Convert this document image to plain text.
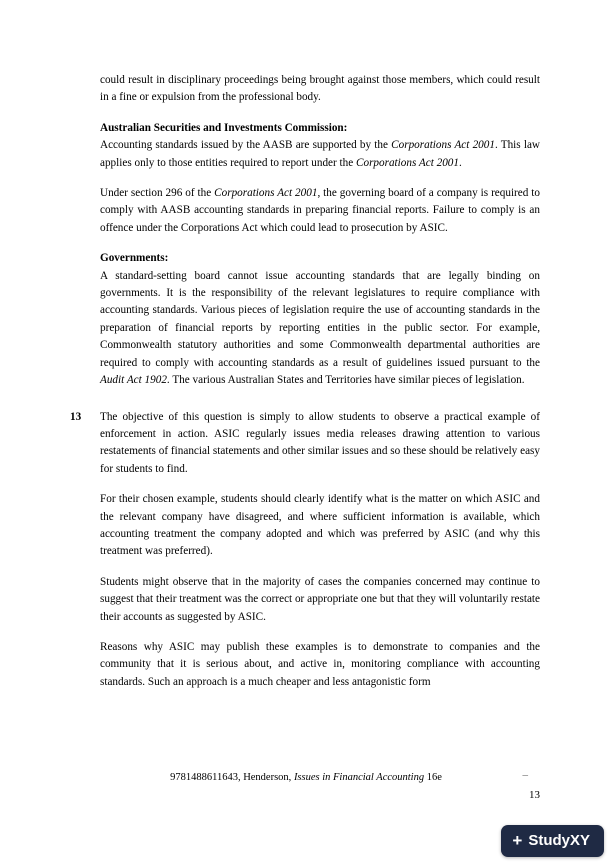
could result in disciplinary proceedings being brought against those members, which could result in a fine or expulsion from the professional body.

Australian Securities and Investments Commission:

Accounting standards issued by the AASB are supported by the Corporations Act 2001. This law applies only to those entities required to report under the Corporations Act 2001.

Under section 296 of the Corporations Act 2001, the governing board of a company is required to comply with AASB accounting standards in preparing financial reports. Failure to comply is an offence under the Corporations Act which could lead to prosecution by ASIC.

Governments:

A standard-setting board cannot issue accounting standards that are legally binding on governments. It is the responsibility of the relevant legislatures to require compliance with accounting standards. Various pieces of legislation require the use of accounting standards in the preparation of financial reports by reporting entities in the public sector. For example, Commonwealth statutory authorities and some Commonwealth departmental authorities are required to comply with accounting standards as a result of guidelines issued pursuant to the Audit Act 1902. The various Australian States and Territories have similar pieces of legislation.

13	The objective of this question is simply to allow students to observe a practical example of enforcement in action. ASIC regularly issues media releases drawing attention to various restatements of financial statements and other similar issues and so these should be relatively easy for students to find.

For their chosen example, students should clearly identify what is the matter on which ASIC and the relevant company have disagreed, and where sufficient information is available, which accounting treatment the company adopted and which was preferred by ASIC (and why this treatment was preferred).

Students might observe that in the majority of cases the companies concerned may continue to suggest that their treatment was the correct or appropriate one but that they will voluntarily restate their accounts as suggested by ASIC.

Reasons why ASIC may publish these examples is to demonstrate to companies and the community that it is serious about, and active in, monitoring compliance with accounting standards. Such an approach is a much cheaper and less antagonistic form

_
9781488611643, Henderson, Issues in Financial Accounting 16e
13
+ StudyXY
